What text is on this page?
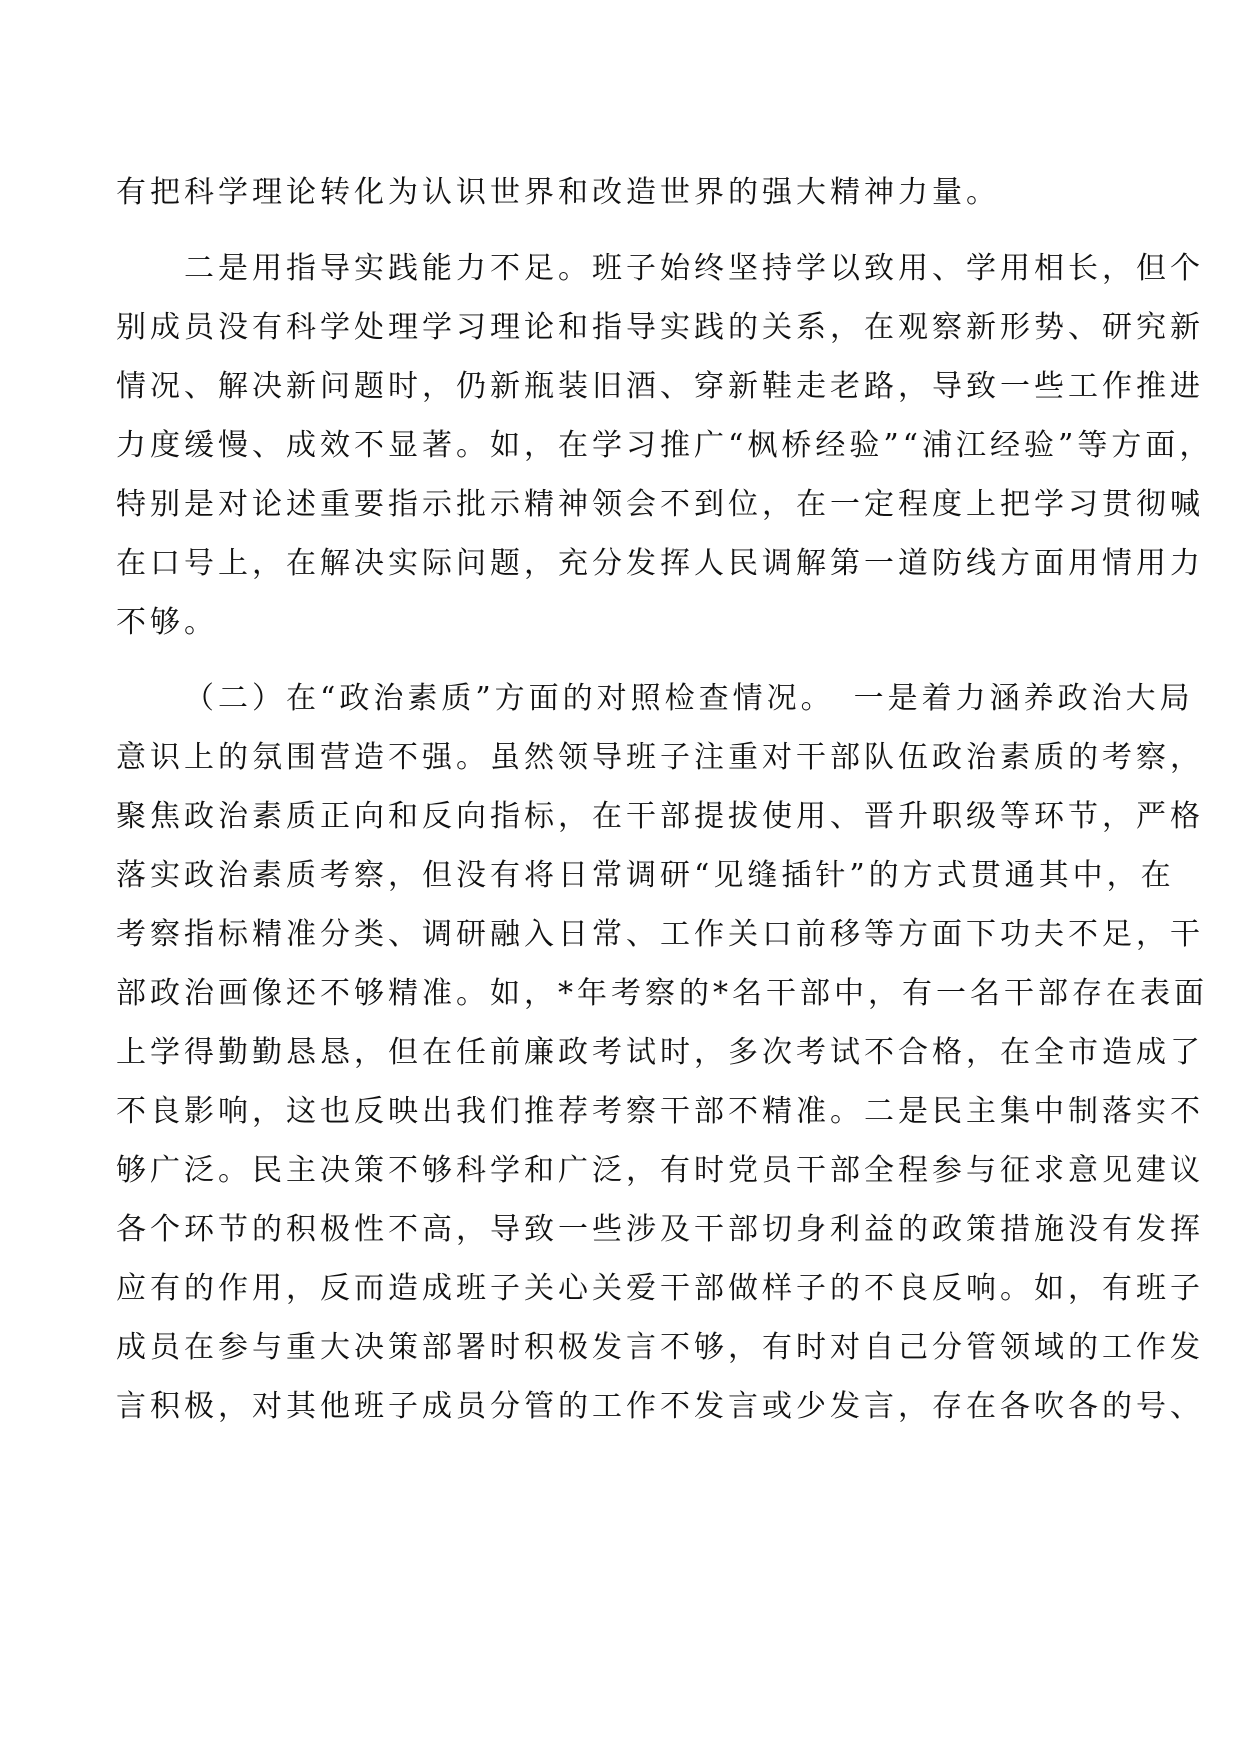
有把科学理论转化为认识世界和改造世界的强大精神力量。
二是用指导实践能力不足。班子始终坚持学以致用、学用相长，但个
别成员没有科学处理学习理论和指导实践的关系，在观察新形势、研究新
情况、解决新问题时，仍新瓶装旧酒、穿新鞋走老路，导致一些工作推进
力度缓慢、成效不显著。如，在学习推广“枫桥经验”“浦江经验”等方面，
特别是对论述重要指示批示精神领会不到位，在一定程度上把学习贯彻喊
在口号上，在解决实际问题，充分发挥人民调解第一道防线方面用情用力
不够。
（二）在“政治素质”方面的对照检查情况。　一是着力涵养政治大局
意识上的氛围营造不强。虽然领导班子注重对干部队伍政治素质的考察，
聚焦政治素质正向和反向指标，在干部提拔使用、晋升职级等环节，严格
落实政治素质考察，但没有将日常调研“见缝插针”的方式贯通其中，在
考察指标精准分类、调研融入日常、工作关口前移等方面下功夫不足，干
部政治画像还不够精准。如，*年考察的*名干部中，有一名干部存在表面
上学得勤勤恳恳，但在任前廉政考试时，多次考试不合格，在全市造成了
不良影响，这也反映出我们推荐考察干部不精准。二是民主集中制落实不
够广泛。民主决策不够科学和广泛，有时党员干部全程参与征求意见建议
各个环节的积极性不高，导致一些涉及干部切身利益的政策措施没有发挥
应有的作用，反而造成班子关心关爱干部做样子的不良反响。如，有班子
成员在参与重大决策部署时积极发言不够，有时对自己分管领域的工作发
言积极，对其他班子成员分管的工作不发言或少发言，存在各吹各的号、
